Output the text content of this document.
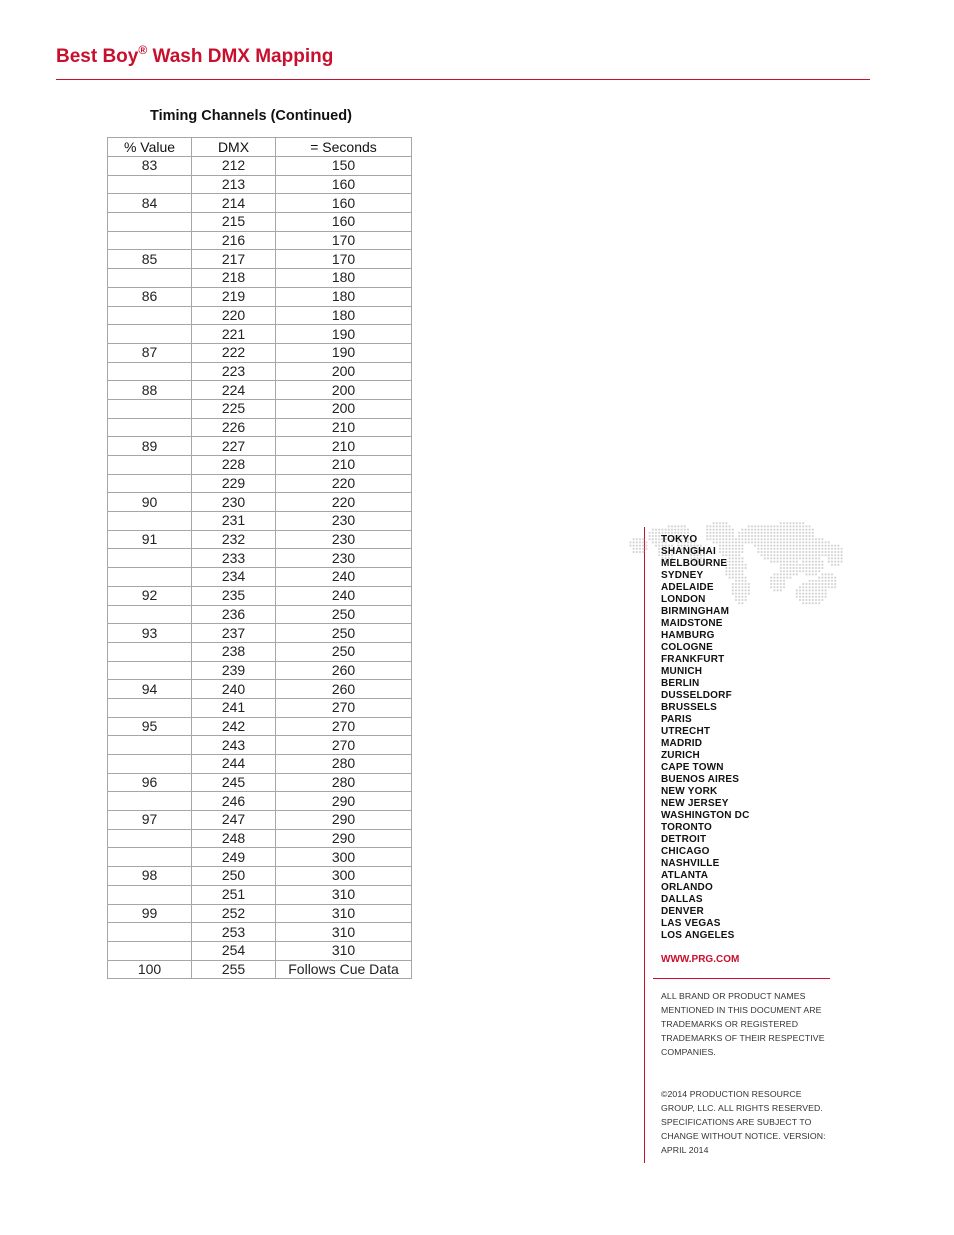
Best Boy® Wash DMX Mapping
Timing Channels (Continued)
% Value	DMX	= Seconds
83	212	150
	213	160
84	214	160
	215	160
	216	170
85	217	170
	218	180
86	219	180
	220	180
	221	190
87	222	190
	223	200
88	224	200
	225	200
	226	210
89	227	210
	228	210
	229	220
90	230	220
	231	230
91	232	230
	233	230
	234	240
92	235	240
	236	250
93	237	250
	238	250
	239	260
94	240	260
	241	270
95	242	270
	243	270
	244	280
96	245	280
	246	290
97	247	290
	248	290
	249	300
98	250	300
	251	310
99	252	310
	253	310
	254	310
100	255	Follows Cue Data
TOKYO
SHANGHAI
MELBOURNE
SYDNEY
ADELAIDE
LONDON
BIRMINGHAM
MAIDSTONE
HAMBURG
COLOGNE
FRANKFURT
MUNICH
BERLIN
DUSSELDORF
BRUSSELS
PARIS
UTRECHT
MADRID
ZURICH
CAPE TOWN
BUENOS AIRES
NEW YORK
NEW JERSEY
WASHINGTON DC
TORONTO
DETROIT
CHICAGO
NASHVILLE
ATLANTA
ORLANDO
DALLAS
DENVER
LAS VEGAS
LOS ANGELES
WWW.PRG.COM
ALL BRAND OR PRODUCT NAMES MENTIONED IN THIS DOCUMENT ARE TRADEMARKS OR REGISTERED TRADEMARKS OF THEIR RESPECTIVE COMPANIES.
©2014 PRODUCTION RESOURCE GROUP, LLC. ALL RIGHTS RESERVED. SPECIFICATIONS ARE SUBJECT TO CHANGE WITHOUT NOTICE. VERSION: APRIL 2014
